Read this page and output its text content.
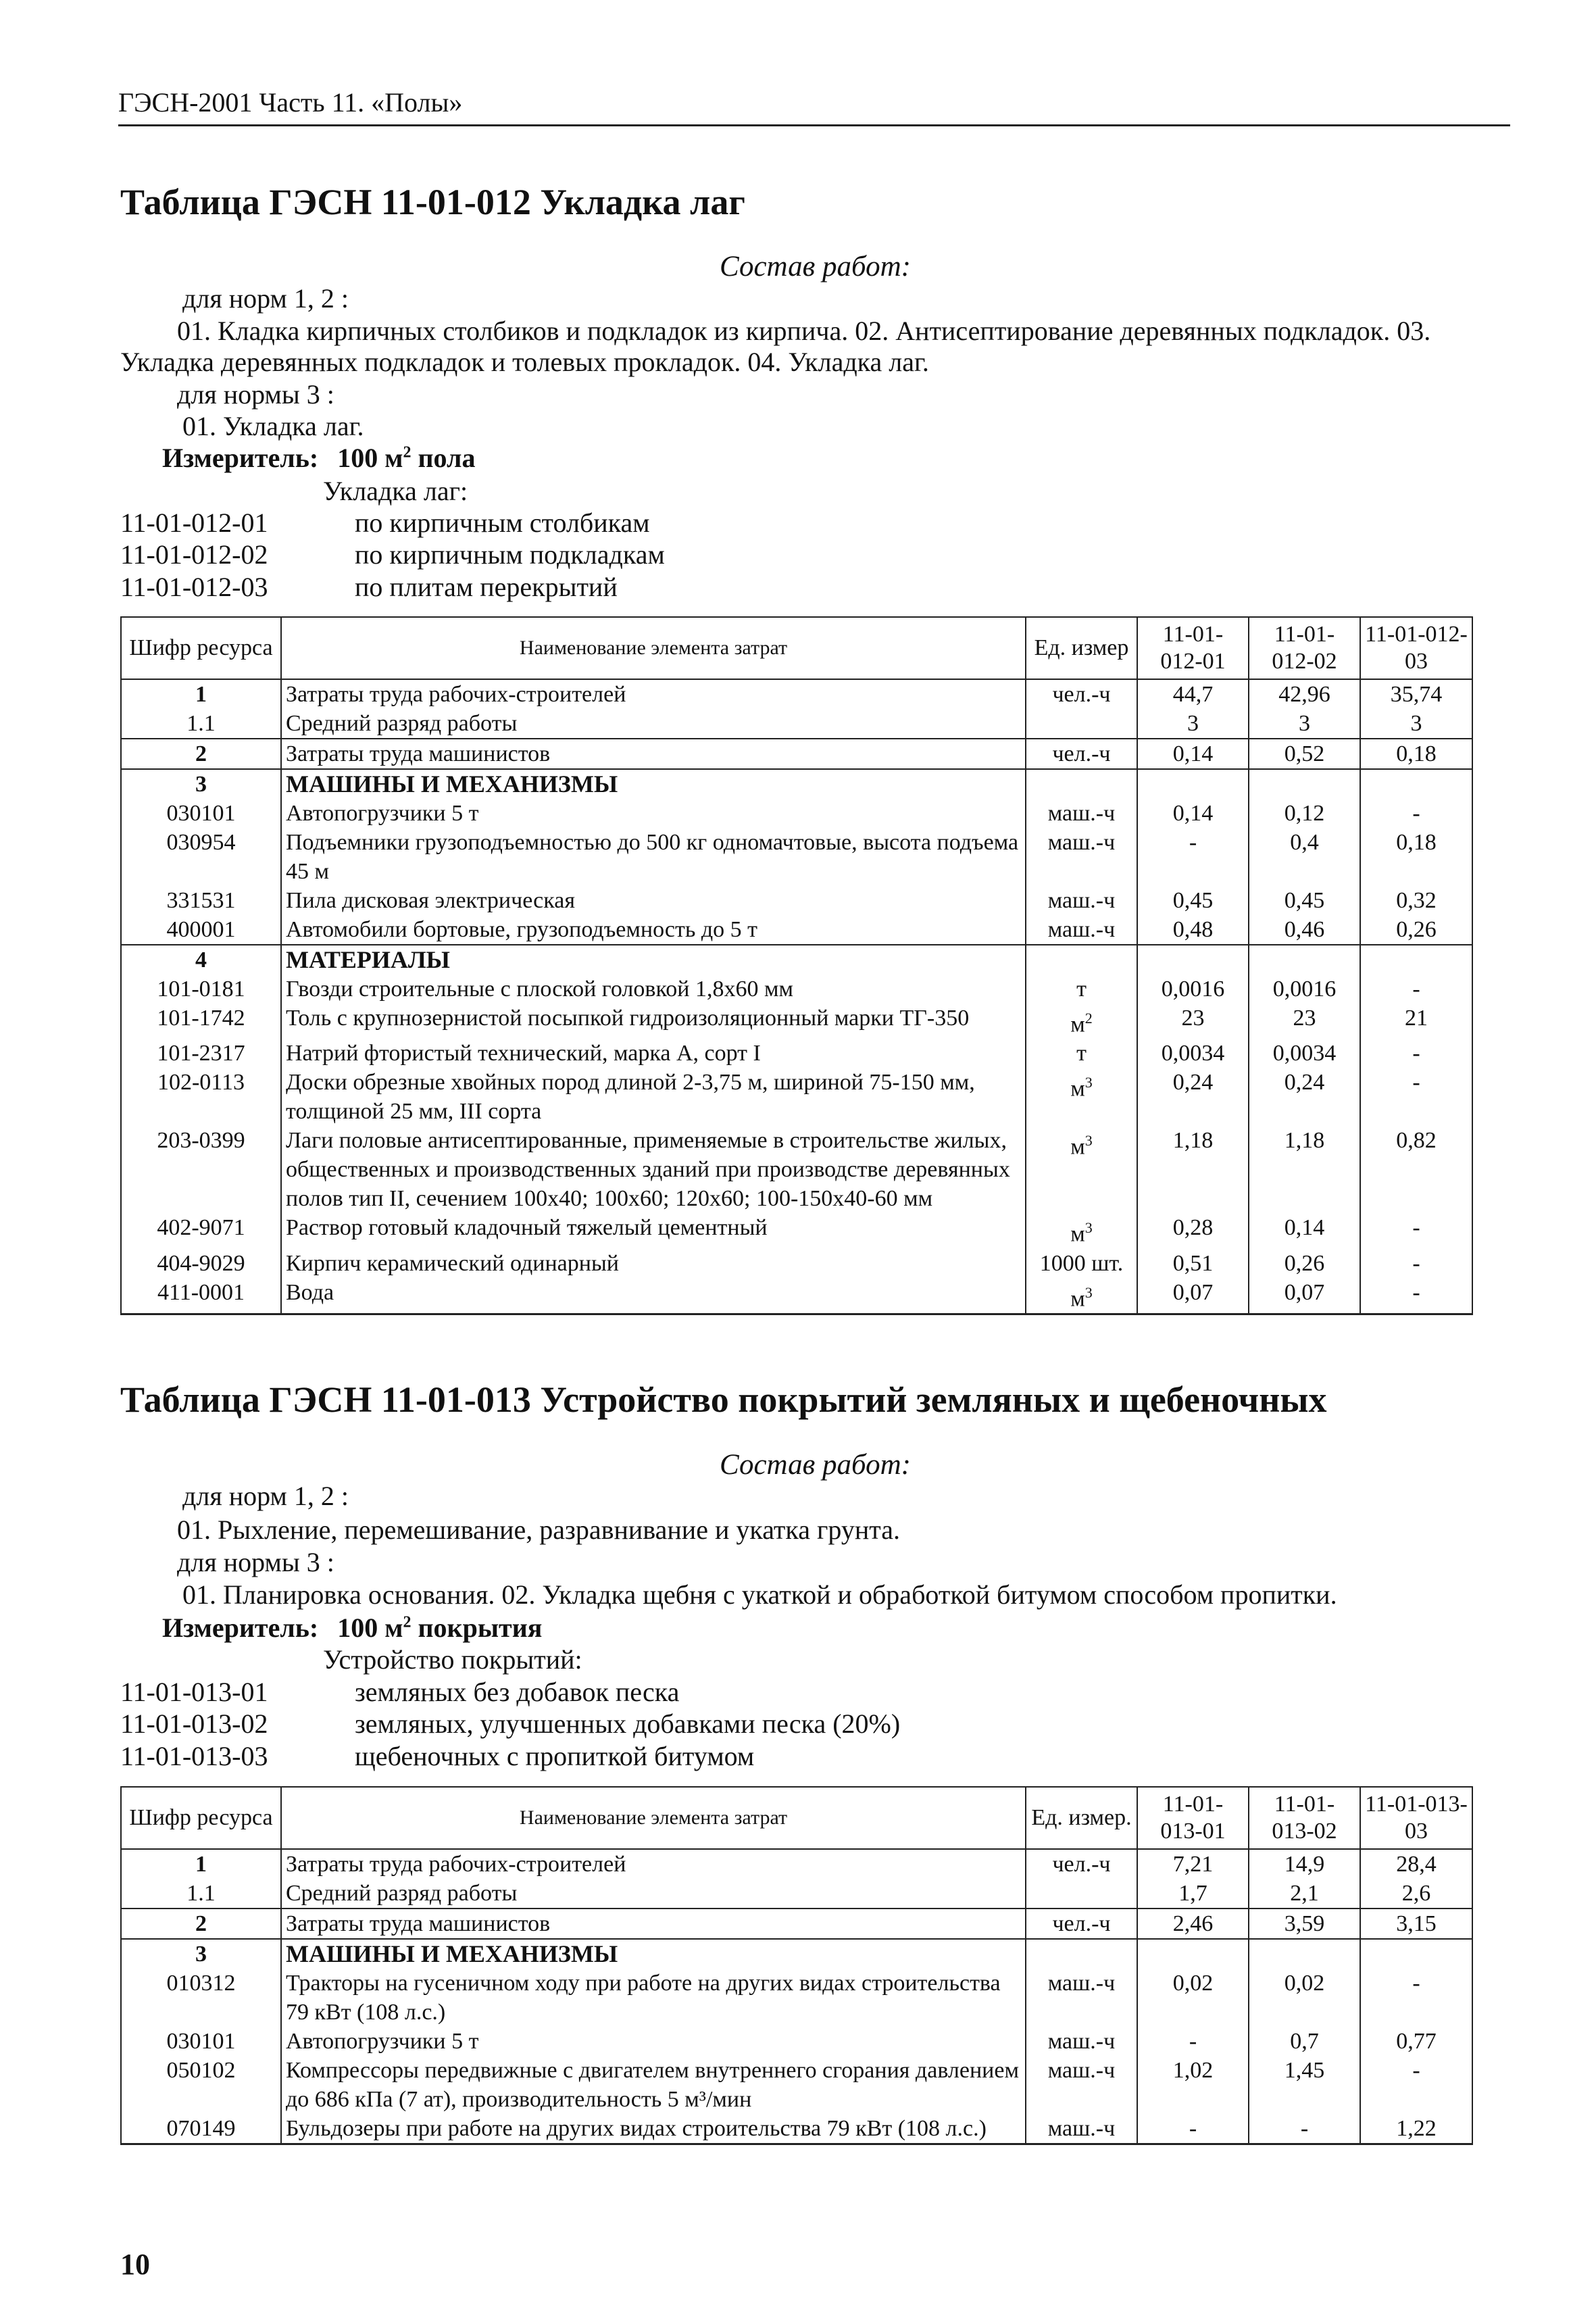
ГЭСН-2001 Часть 11. «Полы»
Таблица ГЭСН 11-01-012 Укладка лаг
Состав работ:
для норм 1, 2 :
01. Кладка кирпичных столбиков и подкладок из кирпича. 02. Антисептирование деревянных подкладок. 03.
Укладка деревянных подкладок и толевых прокладок. 04. Укладка лаг.
для нормы 3 :
01. Укладка лаг.
Измеритель: 100 $м^2$ пола
Укладка лаг:
11-01-012-01	по кирпичным столбикам
11-01-012-02	по кирпичным подкладкам
11-01-012-03	по плитам перекрытий
Шифр ресурса	Наименование элемента затрат	Ед. измер	11-01-012-01	11-01-012-02	11-01-012-03
1	Затраты труда рабочих-строителей	чел.-ч	44,7	42,96	35,74
1.1	Средний разряд работы		3	3	3
2	Затраты труда машинистов	чел.-ч	0,14	0,52	0,18
3	МАШИНЫ И МЕХАНИЗМЫ				
030101	Автопогрузчики 5 т	маш.-ч	0,14	0,12	-
030954	Подъемники грузоподъемностью до 500 кг одномачтовые, высота подъема 45 м	маш.-ч	-	0,4	0,18
331531	Пила дисковая электрическая	маш.-ч	0,45	0,45	0,32
400001	Автомобили бортовые, грузоподъемность до 5 т	маш.-ч	0,48	0,46	0,26
4	МАТЕРИАЛЫ				
101-0181	Гвозди строительные с плоской головкой 1,8х60 мм	т	0,0016	0,0016	-
101-1742	Толь с крупнозернистой посыпкой гидроизоляционный марки ТГ-350	$м^2$	23	23	21
101-2317	Натрий фтористый технический, марка А, сорт I	т	0,0034	0,0034	-
102-0113	Доски обрезные хвойных пород длиной 2-3,75 м, шириной 75-150 мм, толщиной 25 мм, III сорта	$м^3$	0,24	0,24	-
203-0399	Лаги половые антисептированные, применяемые в строительстве жилых, общественных и производственных зданий при производстве деревянных полов тип II, сечением 100х40; 100х60; 120х60; 100-150х40-60 мм	$м^3$	1,18	1,18	0,82
402-9071	Раствор готовый кладочный тяжелый цементный	$м^3$	0,28	0,14	-
404-9029	Кирпич керамический одинарный	1000 шт.	0,51	0,26	-
411-0001	Вода	$м^3$	0,07	0,07	-
Таблица ГЭСН 11-01-013 Устройство покрытий земляных и щебеночных
Состав работ:
для норм 1, 2 :
01. Рыхление, перемешивание, разравнивание и укатка грунта.
для нормы 3 :
01. Планировка основания. 02. Укладка щебня с укаткой и обработкой битумом способом пропитки.
Измеритель: 100 $м^2$ покрытия
Устройство покрытий:
11-01-013-01	земляных без добавок песка
11-01-013-02	земляных, улучшенных добавками песка (20%)
11-01-013-03	щебеночных с пропиткой битумом
Шифр ресурса	Наименование элемента затрат	Ед. измер.	11-01-013-01	11-01-013-02	11-01-013-03
1	Затраты труда рабочих-строителей	чел.-ч	7,21	14,9	28,4
1.1	Средний разряд работы		1,7	2,1	2,6
2	Затраты труда машинистов	чел.-ч	2,46	3,59	3,15
3	МАШИНЫ И МЕХАНИЗМЫ				
010312	Тракторы на гусеничном ходу при работе на других видах строительства 79 кВт (108 л.с.)	маш.-ч	0,02	0,02	-
030101	Автопогрузчики 5 т	маш.-ч	-	0,7	0,77
050102	Компрессоры передвижные с двигателем внутреннего сгорания давлением до 686 кПа (7 ат), производительность 5 м³/мин	маш.-ч	1,02	1,45	-
070149	Бульдозеры при работе на других видах строительства 79 кВт (108 л.с.)	маш.-ч	-	-	1,22
10
